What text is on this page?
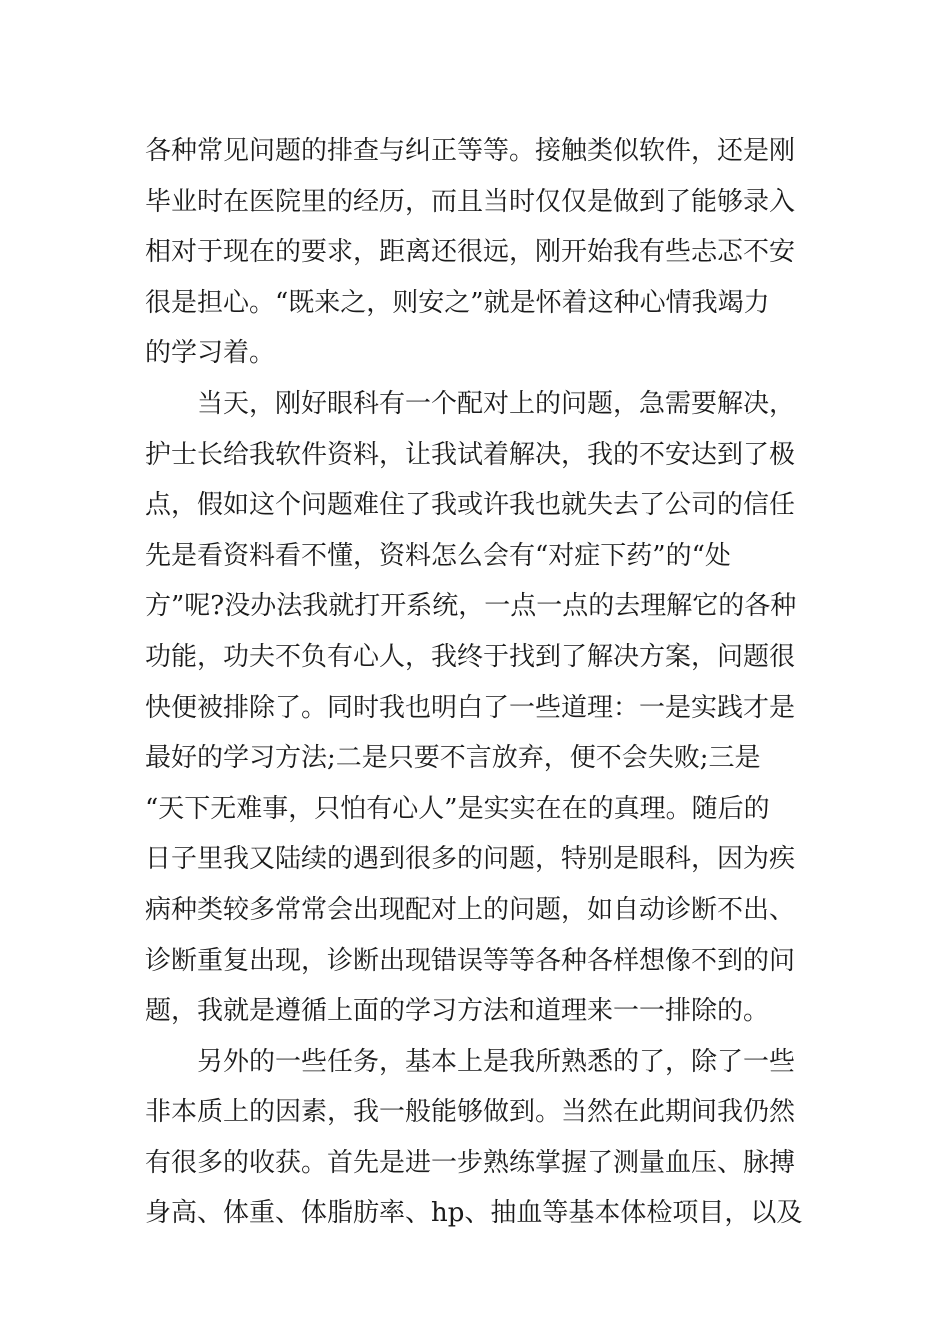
各种常见问题的排查与纠正等等。接触类似软件，还是刚
毕业时在医院里的经历，而且当时仅仅是做到了能够录入
相对于现在的要求，距离还很远，刚开始我有些忐忑不安
很是担心。“既来之，则安之”就是怀着这种心情我竭力
的学习着。
当天，刚好眼科有一个配对上的问题，急需要解决，
护士长给我软件资料，让我试着解决，我的不安达到了极
点，假如这个问题难住了我或许我也就失去了公司的信任
先是看资料看不懂，资料怎么会有“对症下药”的“处
方”呢?没办法我就打开系统，一点一点的去理解它的各种
功能，功夫不负有心人，我终于找到了解决方案，问题很
快便被排除了。同时我也明白了一些道理：一是实践才是
最好的学习方法;二是只要不言放弃，便不会失败;三是
“天下无难事，只怕有心人”是实实在在的真理。随后的
日子里我又陆续的遇到很多的问题，特别是眼科，因为疾
病种类较多常常会出现配对上的问题，如自动诊断不出、
诊断重复出现，诊断出现错误等等各种各样想像不到的问
题，我就是遵循上面的学习方法和道理来一一排除的。
另外的一些任务，基本上是我所熟悉的了，除了一些
非本质上的因素，我一般能够做到。当然在此期间我仍然
有很多的收获。首先是进一步熟练掌握了测量血压、脉搏
身高、体重、体脂肪率、hp、抽血等基本体检项目，以及
